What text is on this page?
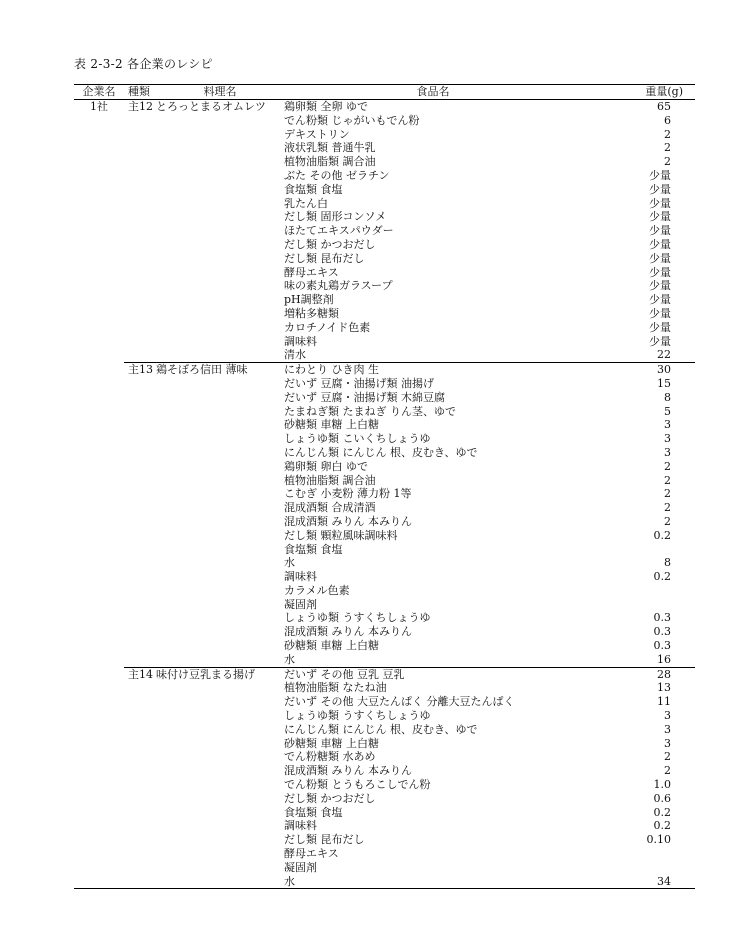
表 2-3-2 各企業のレシピ
企業名	種類	料理名	食品名	重量(g)
1社	主12	とろっとまるオムレツ	鶏卵類 全卵 ゆで	65
			でん粉類 じゃがいもでん粉	6
			デキストリン	2
			液状乳類 普通牛乳	2
			植物油脂類 調合油	2
			ぶた その他 ゼラチン	少量
			食塩類 食塩	少量
			乳たん白	少量
			だし類 固形コンソメ	少量
			ほたてエキスパウダー	少量
			だし類 かつおだし	少量
			だし類 昆布だし	少量
			酵母エキス	少量
			味の素丸鶏ガラスープ	少量
			pH調整剤	少量
			増粘多糖類	少量
			カロチノイド色素	少量
			調味料	少量
			清水	22
	主13	鶏そぼろ信田 薄味	にわとり ひき肉 生	30
			だいず 豆腐・油揚げ類 油揚げ	15
			だいず 豆腐・油揚げ類 木綿豆腐	8
			たまねぎ類 たまねぎ りん茎、ゆで	5
			砂糖類 車糖 上白糖	3
			しょうゆ類 こいくちしょうゆ	3
			にんじん類 にんじん 根、皮むき、ゆで	3
			鶏卵類 卵白 ゆで	2
			植物油脂類 調合油	2
			こむぎ 小麦粉 薄力粉 1等	2
			混成酒類 合成清酒	2
			混成酒類 みりん 本みりん	2
			だし類 顆粒風味調味料	0.2
			食塩類 食塩	
			水	8
			調味料	0.2
			カラメル色素	
			凝固剤	
			しょうゆ類 うすくちしょうゆ	0.3
			混成酒類 みりん 本みりん	0.3
			砂糖類 車糖 上白糖	0.3
			水	16
	主14	味付け豆乳まる揚げ	だいず その他 豆乳 豆乳	28
			植物油脂類 なたね油	13
			だいず その他 大豆たんぱく 分離大豆たんぱく	11
			しょうゆ類 うすくちしょうゆ	3
			にんじん類 にんじん 根、皮むき、ゆで	3
			砂糖類 車糖 上白糖	3
			でん粉糖類 水あめ	2
			混成酒類 みりん 本みりん	2
			でん粉類 とうもろこしでん粉	1.0
			だし類 かつおだし	0.6
			食塩類 食塩	0.2
			調味料	0.2
			だし類 昆布だし	0.10
			酵母エキス	
			凝固剤	
			水	34
